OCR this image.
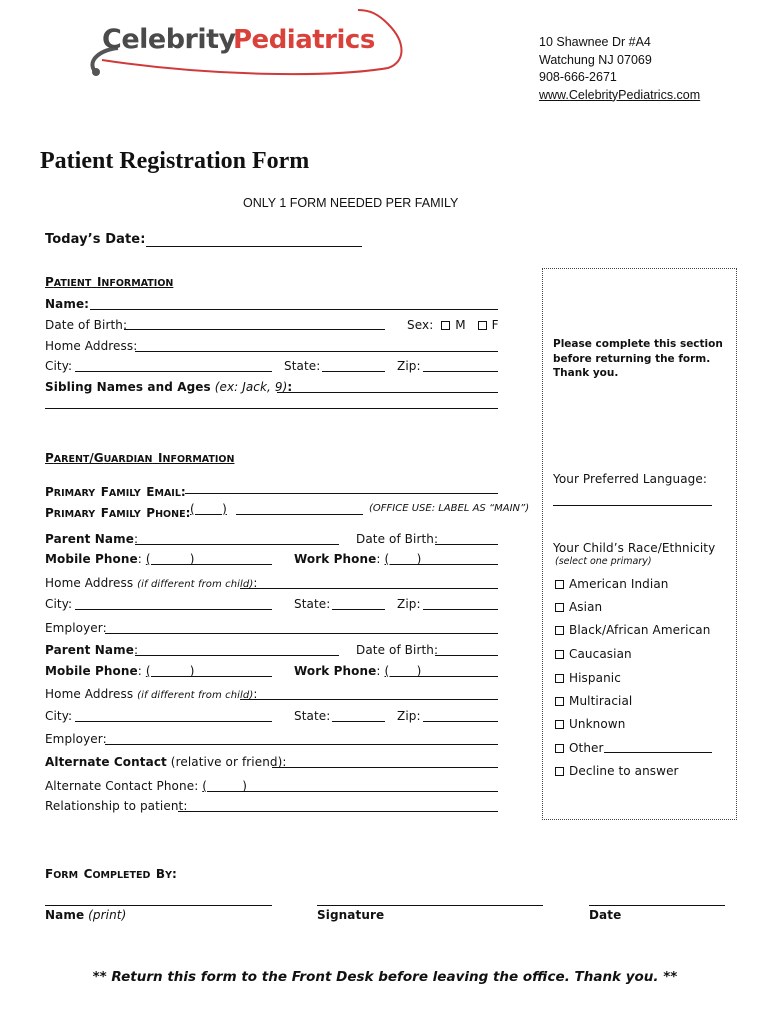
Celebrity
Pediatrics	10 Shawnee Dr #A4
Watchung NJ 07069
908-666-2671
www.CelebrityPediatrics.com
Patient Registration Form
ONLY 1 FORM NEEDED PER FAMILY
Today’s Date:
PATIENT INFORMATION
Name:
Date of Birth:	Sex: M F
Home Address:
City:	State:	Zip:
Sibling Names and Ages (ex: Jack, 9):
PARENT/GUARDIAN INFORMATION
PRIMARY FAMILY EMAIL:
PRIMARY FAMILY PHONE: (       )	(OFFICE USE: LABEL AS “MAIN”)
Parent Name:	Date of Birth:
Mobile Phone: (          )	Work Phone: (       )
Home Address (if different from child):
City:	State:	Zip:
Employer:
Parent Name:	Date of Birth:
Mobile Phone: (          )	Work Phone: (       )
Home Address (if different from child):
City:	State:	Zip:
Employer:
Alternate Contact (relative or friend):
Alternate Contact Phone: (         )
Relationship to patient:
Please complete this section before returning the form. Thank you.
Your Preferred Language:
Your Child’s Race/Ethnicity
(select one primary)
American Indian
Asian
Black/African American
Caucasian
Hispanic
Multiracial
Unknown
Other
Decline to answer
FORM COMPLETED BY:
Name (print)	Signature	Date
** Return this form to the Front Desk before leaving the office. Thank you. **
